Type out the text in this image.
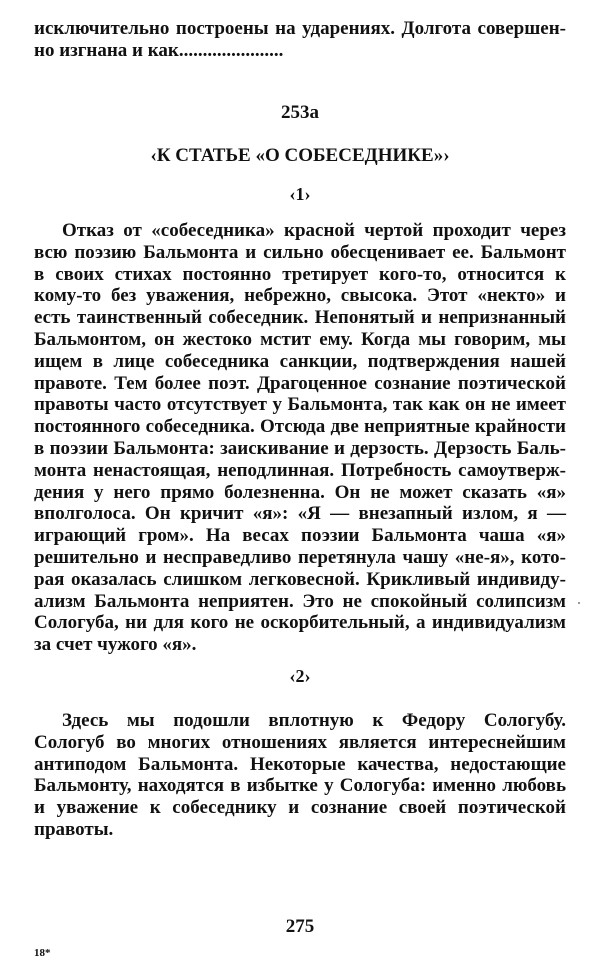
исключительно построены на ударениях. Долгота совершен-
но изгнана и как......................
253а
‹К СТАТЬЕ «О СОБЕСЕДНИКЕ»›
‹1›
Отказ от «собеседника» красной чертой проходит через
всю поэзию Бальмонта и сильно обесценивает ее. Бальмонт
в своих стихах постоянно третирует кого-то, относится к
кому-то без уважения, небрежно, свысока. Этот «некто» и
есть таинственный собеседник. Непонятый и непризнанный
Бальмонтом, он жестоко мстит ему. Когда мы говорим, мы
ищем в лице собеседника санкции, подтверждения нашей
правоте. Тем более поэт. Драгоценное сознание поэтической
правоты часто отсутствует у Бальмонта, так как он не имеет
постоянного собеседника. Отсюда две неприятные крайности
в поэзии Бальмонта: заискивание и дерзость. Дерзость Баль-
монта ненастоящая, неподлинная. Потребность самоутверж-
дения у него прямо болезненна. Он не может сказать «я»
вполголоса. Он кричит «я»: «Я — внезапный излом, я —
играющий гром». На весах поэзии Бальмонта чаша «я»
решительно и несправедливо перетянула чашу «не-я», кото-
рая оказалась слишком легковесной. Крикливый индивиду-
ализм Бальмонта неприятен. Это не спокойный солипсизм
Сологуба, ни для кого не оскорбительный, а индивидуализм
за счет чужого «я».
‹2›
Здесь мы подошли вплотную к Федору Сологубу.
Сологуб во многих отношениях является интереснейшим
антиподом Бальмонта. Некоторые качества, недостающие
Бальмонту, находятся в избытке у Сологуба: именно любовь
и уважение к собеседнику и сознание своей поэтической
правоты.
275
18*
